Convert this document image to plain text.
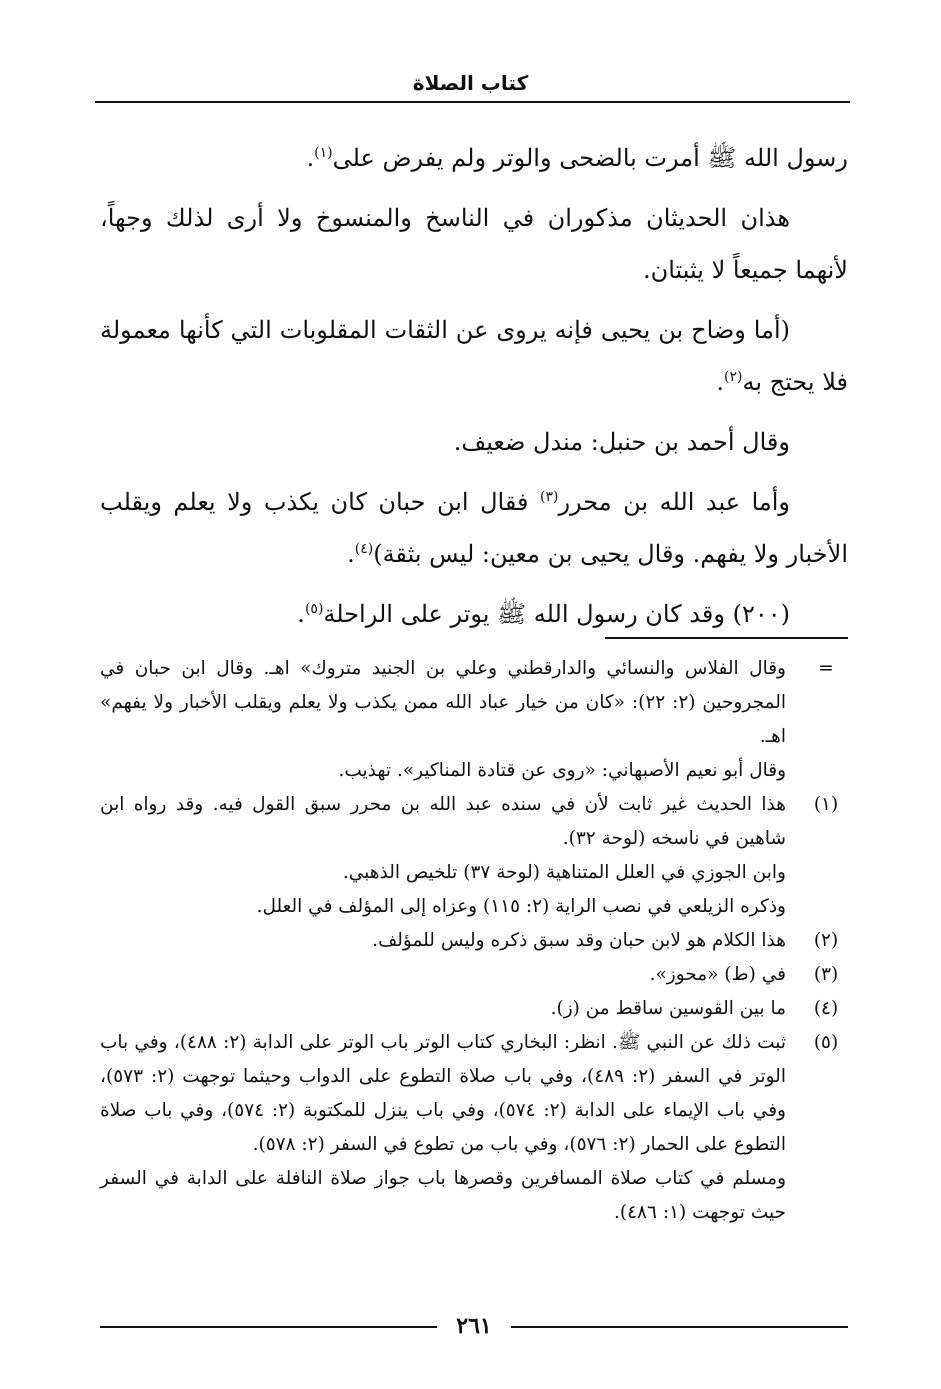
كتاب الصلاة

رسول الله ﷺ أمرت بالضحى والوتر ولم يفرض على$^{(١)}$.

هذان الحديثان مذكوران في الناسخ والمنسوخ ولا أرى لذلك وجهاً، لأنهما جميعاً لا يثبتان.

(أما وضاح بن يحيى فإنه يروى عن الثقات المقلوبات التي كأنها معمولة فلا يحتج به$^{(٢)}$.

وقال أحمد بن حنبل: مندل ضعيف.

وأما عبد الله بن محرر$^{(٣)}$ فقال ابن حبان كان يكذب ولا يعلم ويقلب الأخبار ولا يفهم. وقال يحيى بن معين: ليس بثقة)$^{(٤)}$.

(٢٠٠) وقد كان رسول الله ﷺ يوتر على الراحلة$^{(٥)}$.

=
وقال الفلاس والنسائي والدارقطني وعلي بن الجنيد متروك» اهـ. وقال ابن حبان في المجروحين (٢: ٢٢): «كان من خيار عباد الله ممن يكذب ولا يعلم ويقلب الأخبار ولا يفهم» اهـ.
وقال أبو نعيم الأصبهاني: «روى عن قتادة المناكير». تهذيب.
(١)
هذا الحديث غير ثابت لأن في سنده عبد الله بن محرر سبق القول فيه. وقد رواه ابن شاهين في ناسخه (لوحة ٣٢).
وابن الجوزي في العلل المتناهية (لوحة ٣٧) تلخيص الذهبي.
وذكره الزيلعي في نصب الراية (٢: ١١٥) وعزاه إلى المؤلف في العلل.
(٢)
هذا الكلام هو لابن حبان وقد سبق ذكره وليس للمؤلف.
(٣)
في (ط) «محوز».
(٤)
ما بين القوسين ساقط من (ز).
(٥)
ثبت ذلك عن النبي ﷺ. انظر: البخاري كتاب الوتر باب الوتر على الدابة (٢: ٤٨٨)، وفي باب الوتر في السفر (٢: ٤٨٩)، وفي باب صلاة التطوع على الدواب وحيثما توجهت (٢: ٥٧٣)، وفي باب الإيماء على الدابة (٢: ٥٧٤)، وفي باب ينزل للمكتوبة (٢: ٥٧٤)، وفي باب صلاة التطوع على الحمار (٢: ٥٧٦)، وفي باب من تطوع في السفر (٢: ٥٧٨).
ومسلم في كتاب صلاة المسافرين وقصرها باب جواز صلاة النافلة على الدابة في السفر حيث توجهت (١: ٤٨٦).
٢٦١
